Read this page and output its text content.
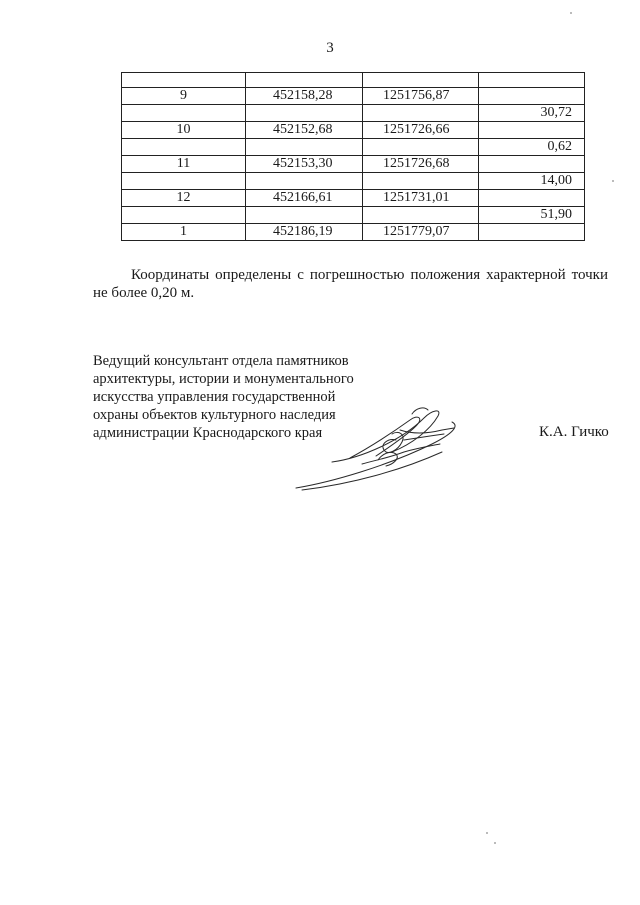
3

9	452158,28	1251756,87	
			30,72
10	452152,68	1251726,66	
			0,62
11	452153,30	1251726,68	
			14,00
12	452166,61	1251731,01	
			51,90
1	452186,19	1251779,07	
Координаты определены с погрешностью положения характерной точки не более 0,20 м.
Ведущий консультант отдела памятников
архитектуры, истории и монументального
искусства управления государственной
охраны объектов культурного наследия
администрации Краснодарского края	К.А. Гичко
